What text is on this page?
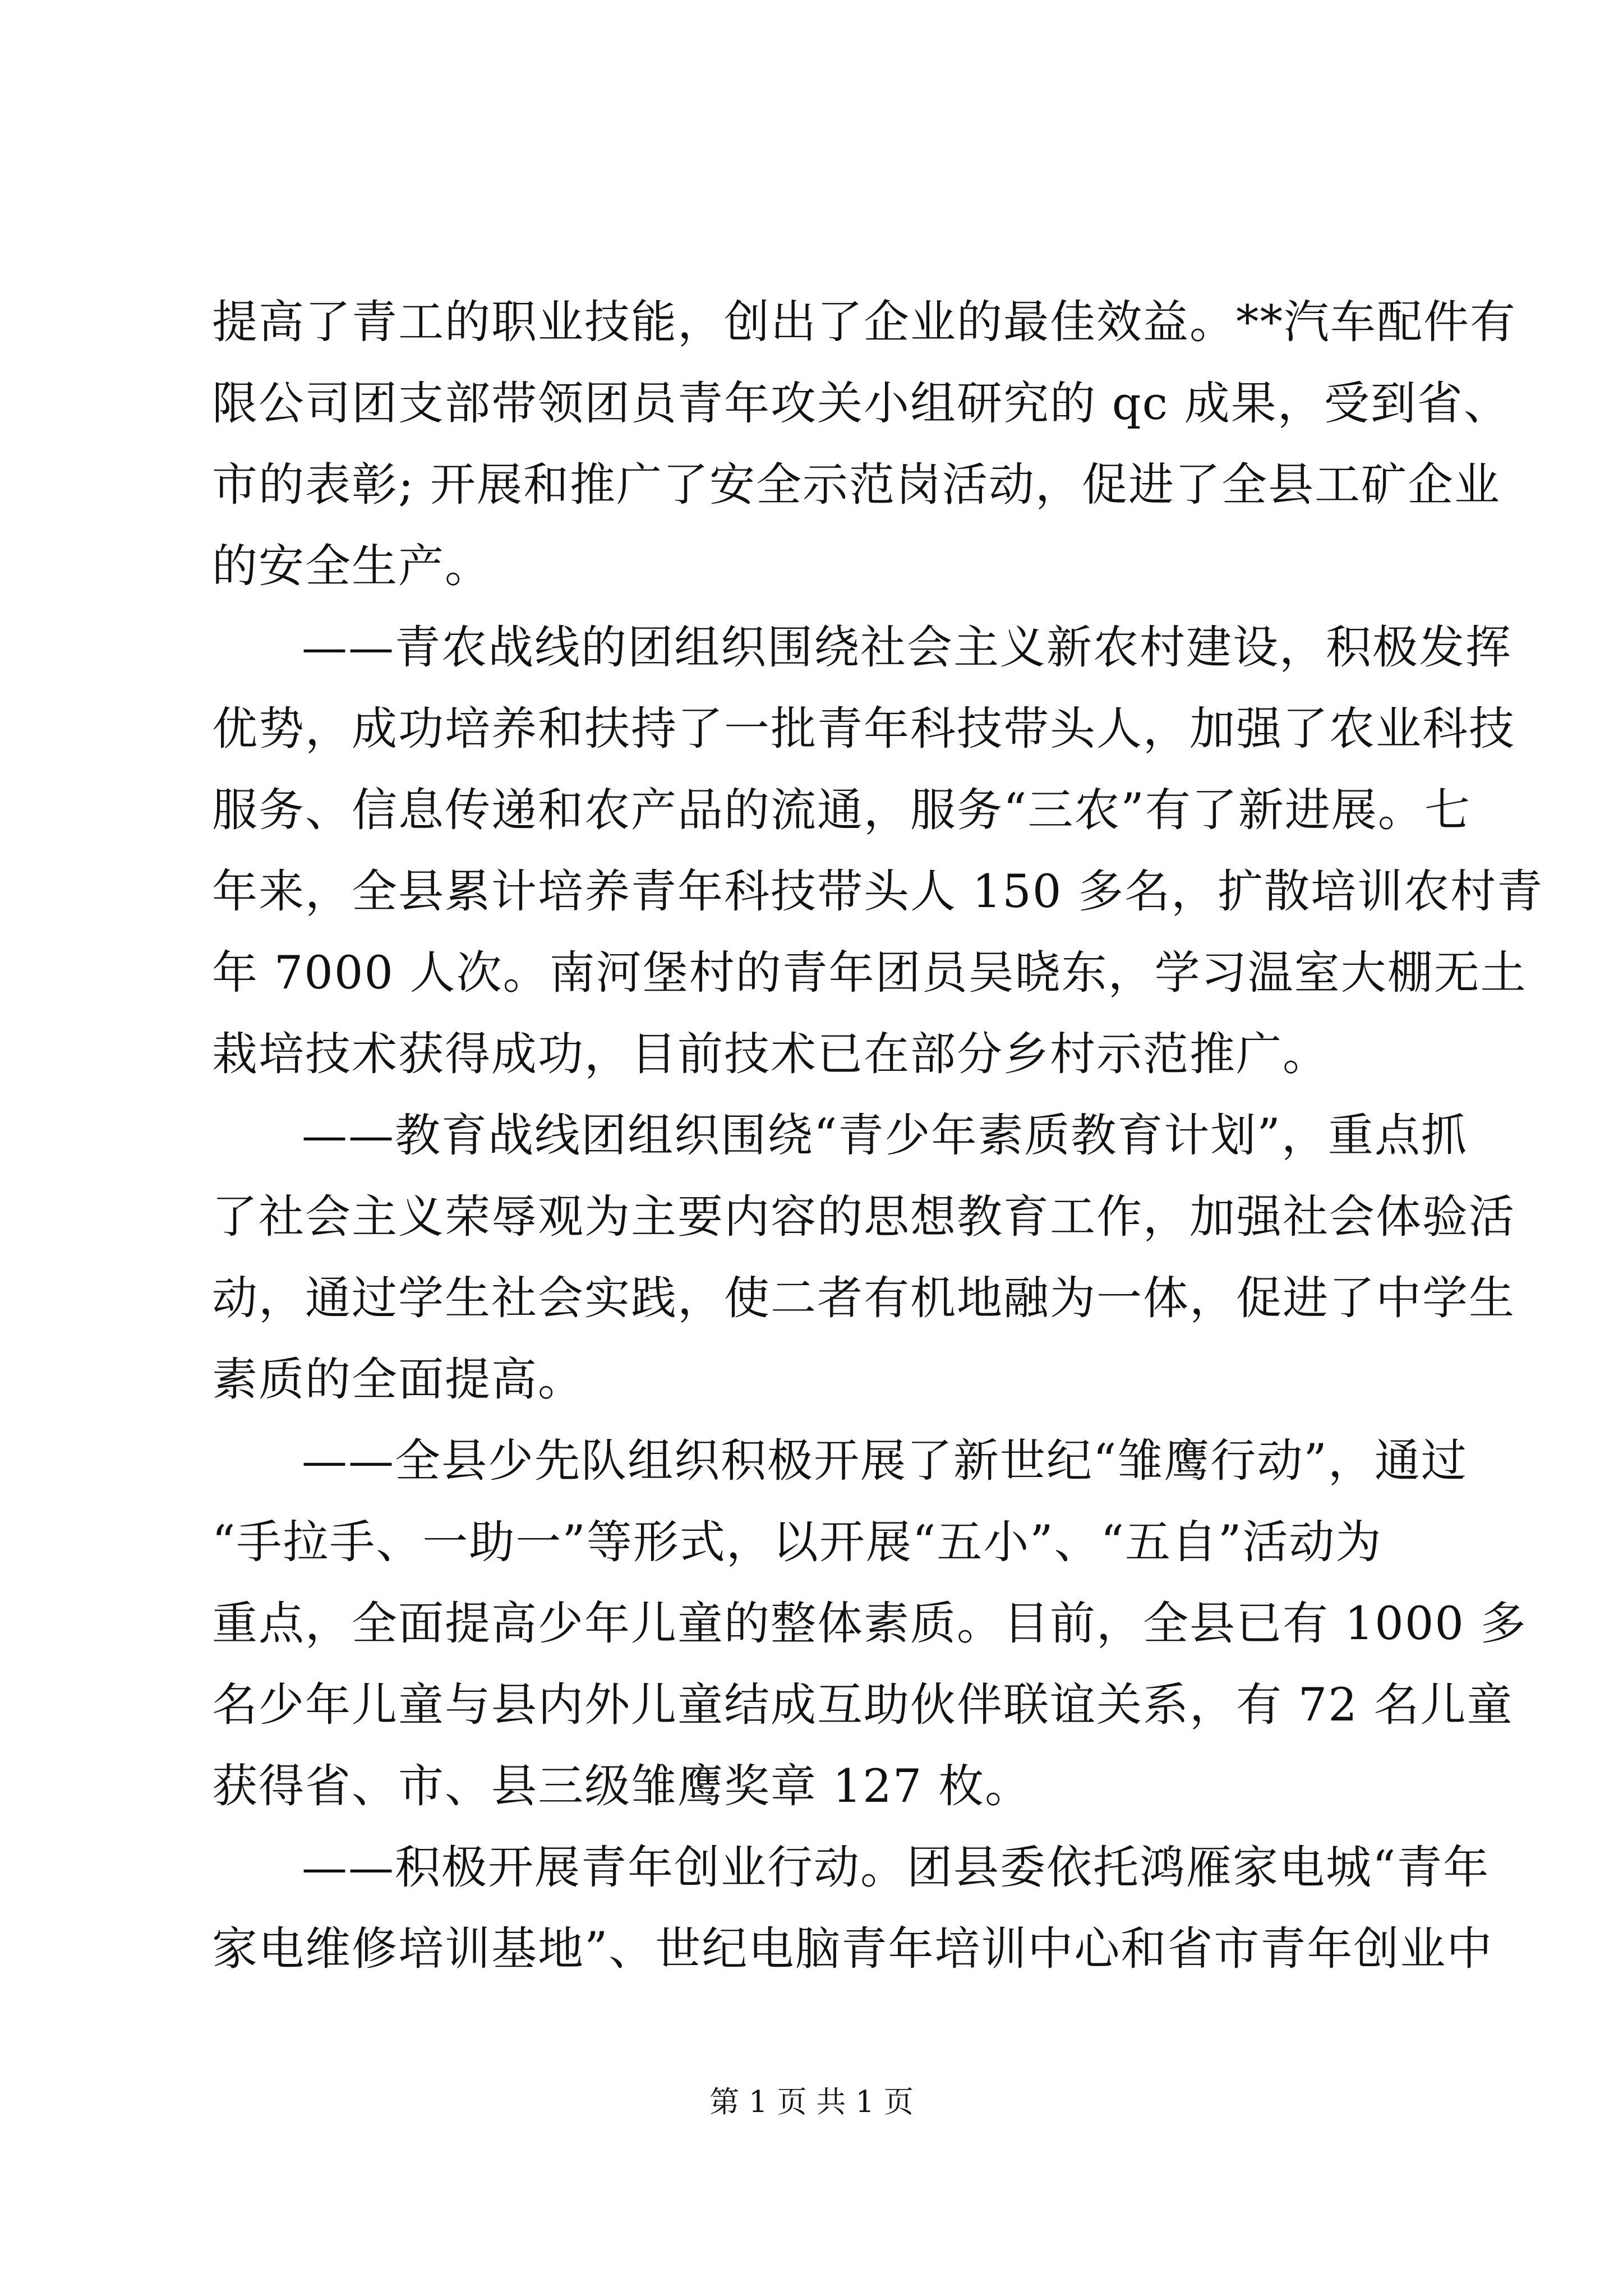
提高了青工的职业技能，创出了企业的最佳效益。**汽车配件有
限公司团支部带领团员青年攻关小组研究的 qc 成果，受到省、
市的表彰; 开展和推广了安全示范岗活动，促进了全县工矿企业
的安全生产。
——青农战线的团组织围绕社会主义新农村建设，积极发挥
优势，成功培养和扶持了一批青年科技带头人，加强了农业科技
服务、信息传递和农产品的流通，服务“三农”有了新进展。七
年来，全县累计培养青年科技带头人 150 多名，扩散培训农村青
年 7000 人次。南河堡村的青年团员吴晓东，学习温室大棚无土
栽培技术获得成功，目前技术已在部分乡村示范推广。
——教育战线团组织围绕“青少年素质教育计划”，重点抓
了社会主义荣辱观为主要内容的思想教育工作，加强社会体验活
动，通过学生社会实践，使二者有机地融为一体，促进了中学生
素质的全面提高。
——全县少先队组织积极开展了新世纪“雏鹰行动”，通过
“手拉手、一助一”等形式，以开展“五小”、“五自”活动为
重点，全面提高少年儿童的整体素质。目前，全县已有 1000 多
名少年儿童与县内外儿童结成互助伙伴联谊关系，有 72 名儿童
获得省、市、县三级雏鹰奖章 127 枚。
——积极开展青年创业行动。团县委依托鸿雁家电城“青年
家电维修培训基地”、世纪电脑青年培训中心和省市青年创业中
第 1 页 共 1 页
